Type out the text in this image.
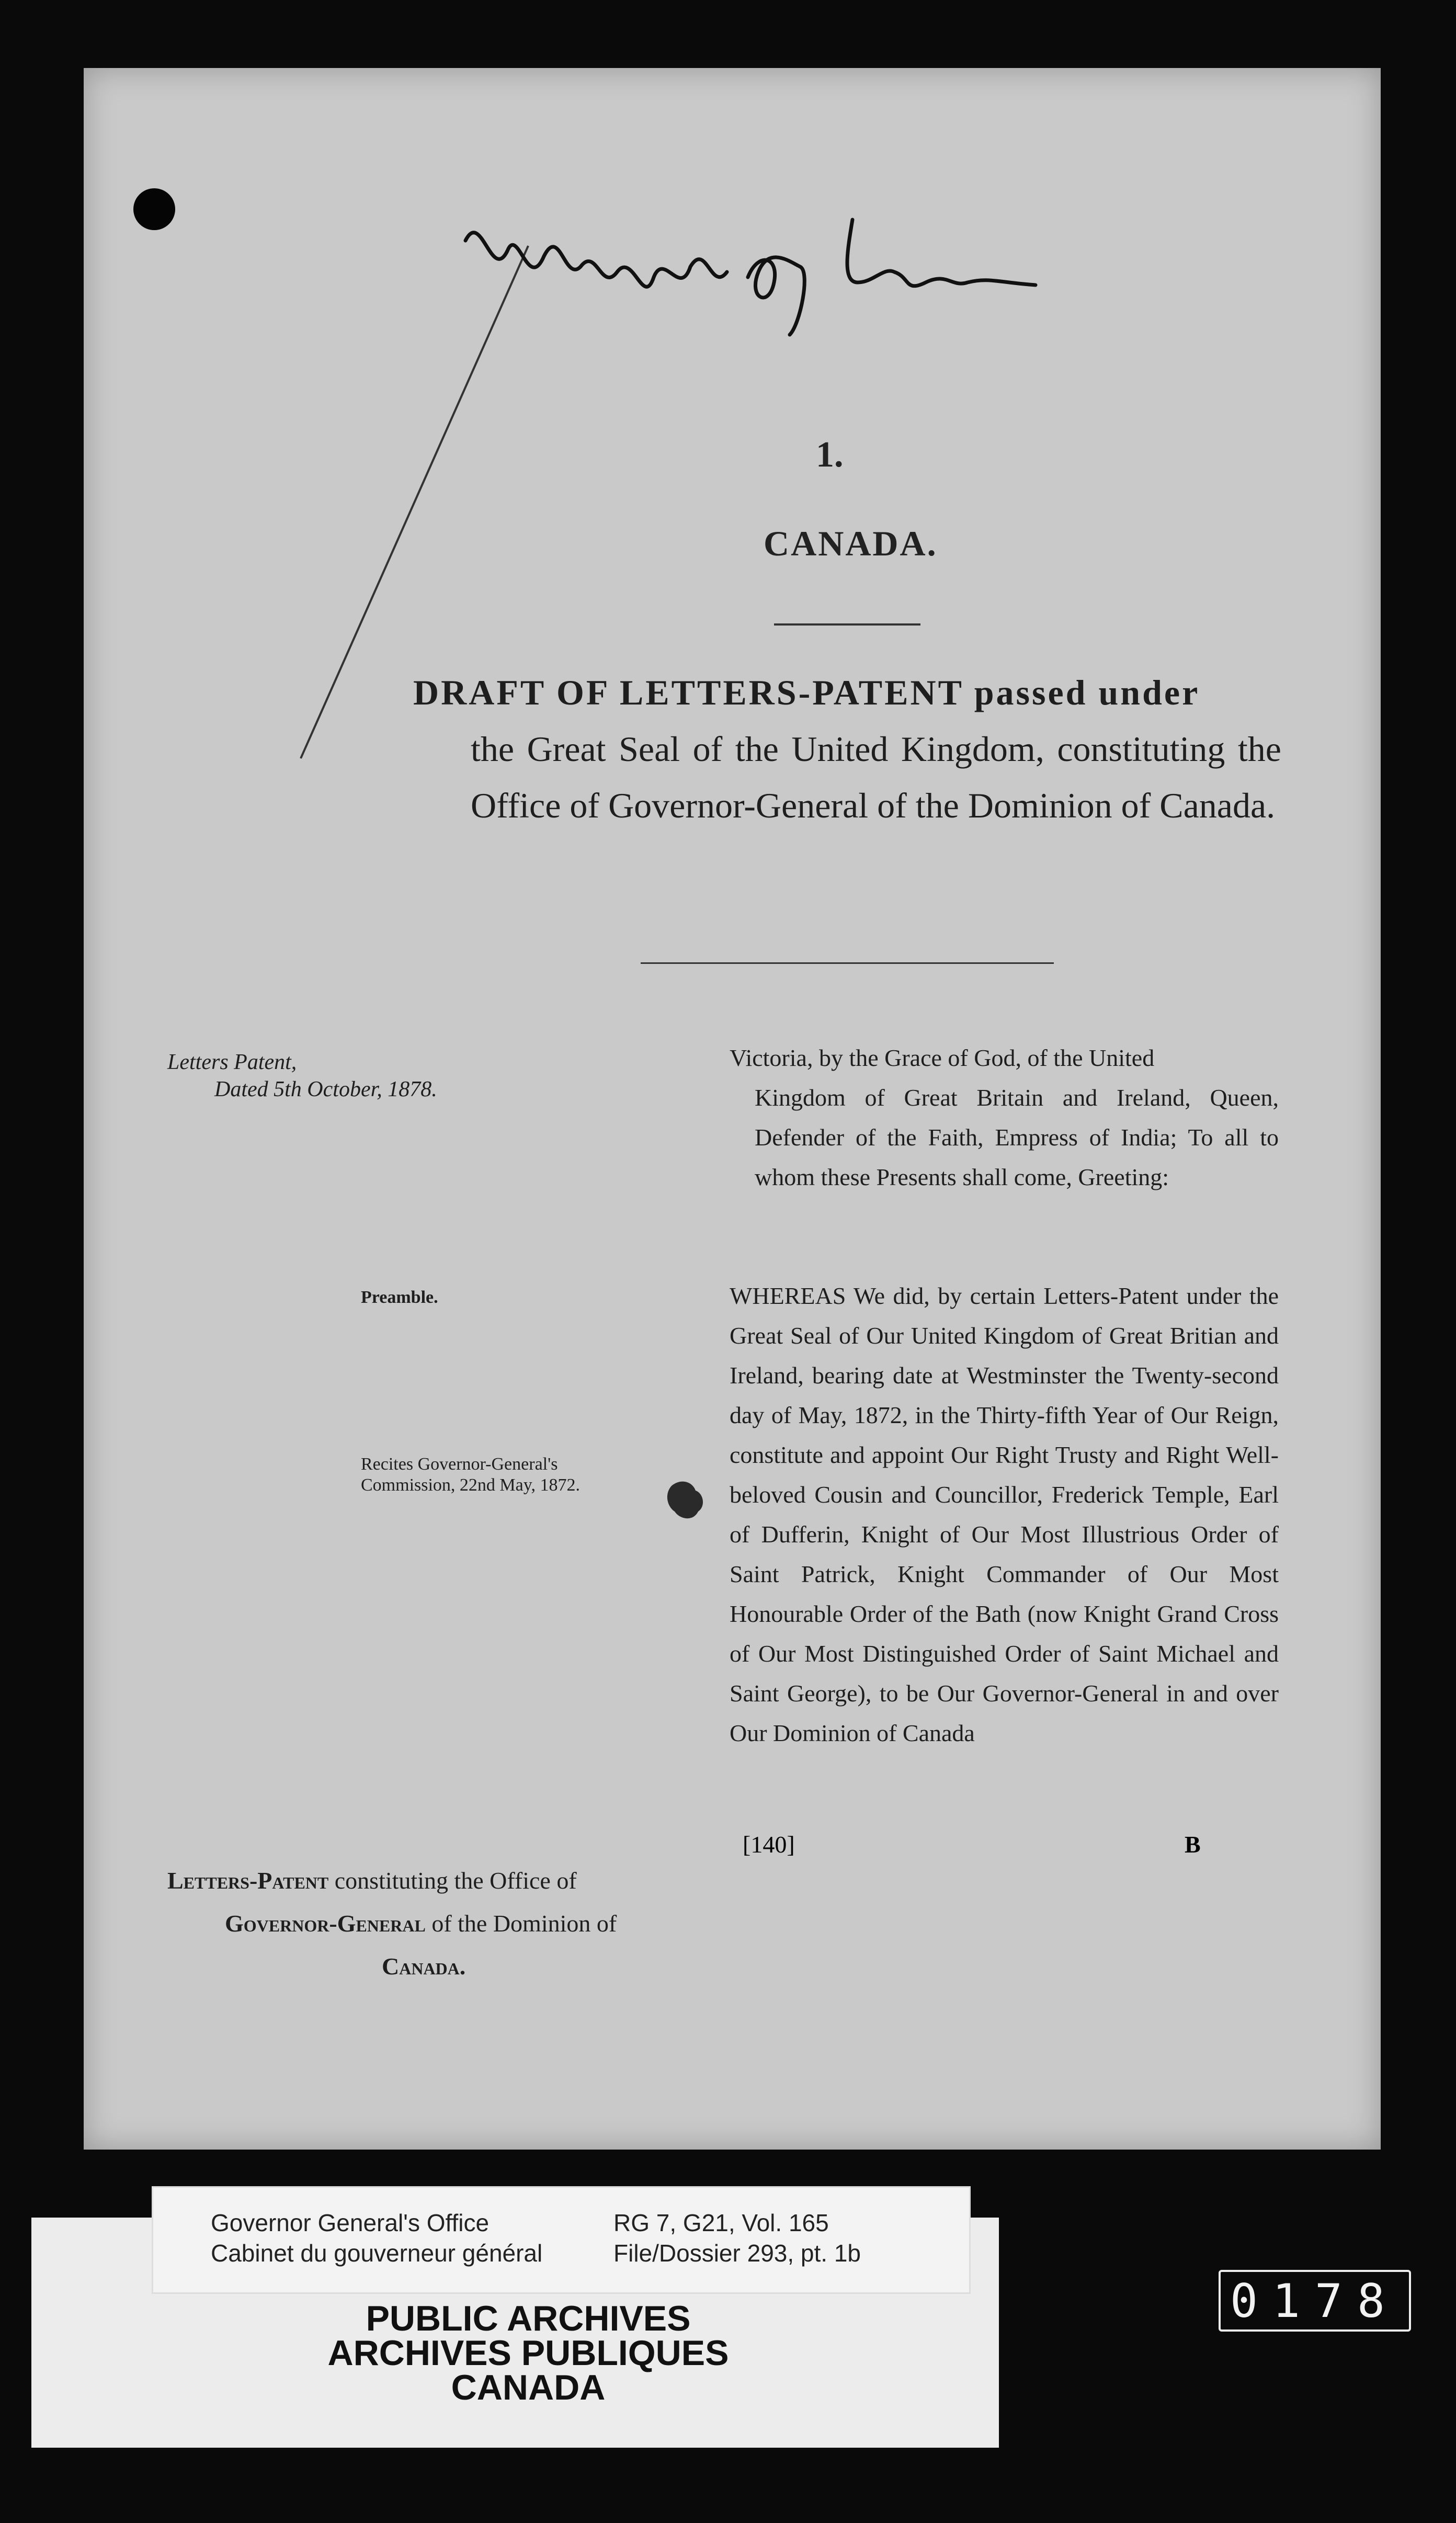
1.
CANADA.
DRAFT OF LETTERS-PATENT passed under
the Great Seal of the United Kingdom, constituting the Office of Governor-General of the Dominion of Canada.
Letters Patent,
Dated 5th October, 1878.
Preamble.
Recites Governor-General's Commission, 22nd May, 1872.
Victoria, by the Grace of God, of the United
Kingdom of Great Britain and Ireland, Queen, Defender of the Faith, Empress of India; To all to whom these Presents shall come, Greeting:
WHEREAS We did, by certain Letters-Patent under the Great Seal of Our United Kingdom of Great Britian and Ireland, bearing date at Westminster the Twenty-second day of May, 1872, in the Thirty-fifth Year of Our Reign, constitute and appoint Our Right Trusty and Right Well-beloved Cousin and Councillor, Frederick Temple, Earl of Dufferin, Knight of Our Most Illustrious Order of Saint Patrick, Knight Commander of Our Most Honourable Order of the Bath (now Knight Grand Cross of Our Most Distinguished Order of Saint Michael and Saint George), to be Our Governor-General in and over Our Dominion of Canada
[140]	B
Letters-Patent constituting the Office of
Governor-General of the Dominion of
Canada.
Governor General's Office
Cabinet du gouverneur général
RG 7, G21, Vol. 165
File/Dossier 293, pt. 1b
PUBLIC ARCHIVES
ARCHIVES PUBLIQUES
CANADA
0178
